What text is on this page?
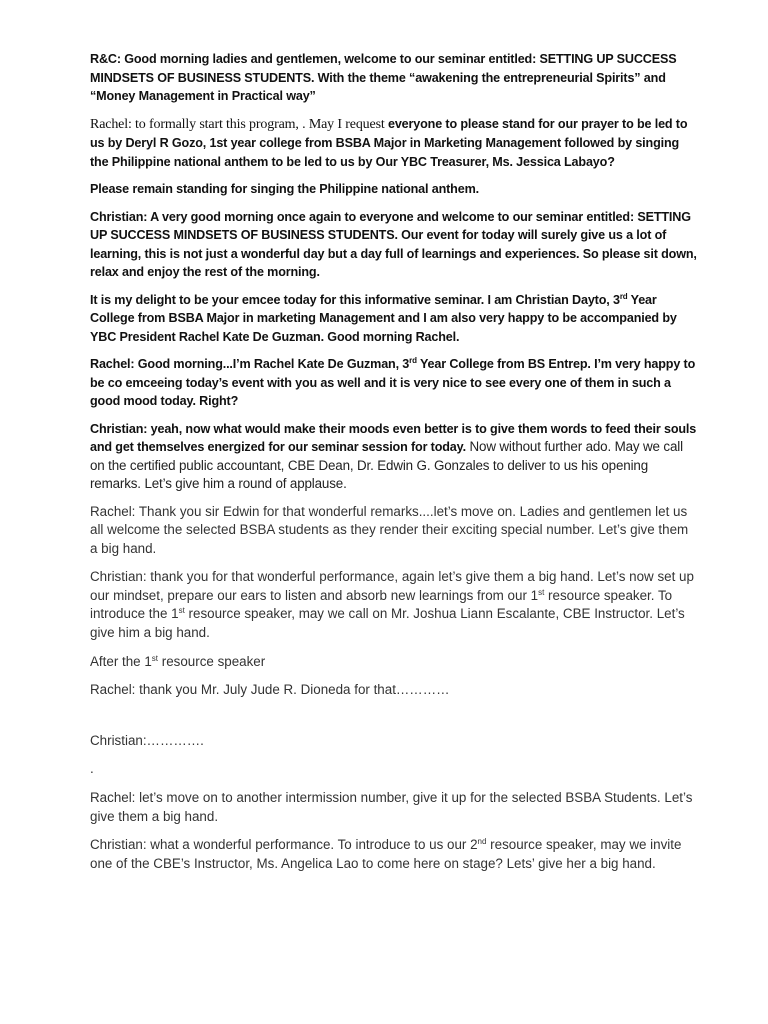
R&C: Good morning ladies and gentlemen, welcome to our seminar entitled: SETTING UP SUCCESS MINDSETS OF BUSINESS STUDENTS. With the theme “awakening the entrepreneurial Spirits” and “Money Management in Practical way”

Rachel: to formally start this program, . May I request everyone to please stand for our prayer to be led to us by Deryl R Gozo, 1st year college from BSBA Major in Marketing Management followed by singing the Philippine national anthem to be led to us by Our YBC Treasurer, Ms. Jessica Labayo?

Please remain standing for singing the Philippine national anthem.

Christian: A very good morning once again to everyone and welcome to our seminar entitled: SETTING UP SUCCESS MINDSETS OF BUSINESS STUDENTS. Our event for today will surely give us a lot of learning, this is not just a wonderful day but a day full of learnings and experiences. So please sit down, relax and enjoy the rest of the morning.

It is my delight to be your emcee today for this informative seminar. I am Christian Dayto, 3rd Year College from BSBA Major in marketing Management and I am also very happy to be accompanied by YBC President Rachel Kate De Guzman. Good morning Rachel.

Rachel: Good morning...I’m Rachel Kate De Guzman, 3rd Year College from BS Entrep. I’m very happy to be co emceeing today’s event with you as well and it is very nice to see every one of them in such a good mood today. Right?

Christian: yeah, now what would make their moods even better is to give them words to feed their souls and get themselves energized for our seminar session for today. Now without further ado. May we call on the certified public accountant, CBE Dean, Dr. Edwin G. Gonzales to deliver to us his opening remarks. Let’s give him a round of applause.

Rachel: Thank you sir Edwin for that wonderful remarks....let’s move on. Ladies and gentlemen let us all welcome the selected BSBA students as they render their exciting special number. Let’s give them a big hand.

Christian: thank you for that wonderful performance, again let’s give them a big hand. Let’s now set up our mindset, prepare our ears to listen and absorb new learnings from our 1st resource speaker. To introduce the 1st resource speaker, may we call on Mr. Joshua Liann Escalante, CBE Instructor. Let’s give him a big hand.

After the 1st resource speaker

Rachel: thank you Mr. July Jude R. Dioneda for that…………

Christian:………….

.

Rachel: let’s move on to another intermission number, give it up for the selected BSBA Students. Let’s give them a big hand.

Christian: what a wonderful performance. To introduce to us our 2nd resource speaker, may we invite one of the CBE’s Instructor, Ms. Angelica Lao to come here on stage? Lets’ give her a big hand.
